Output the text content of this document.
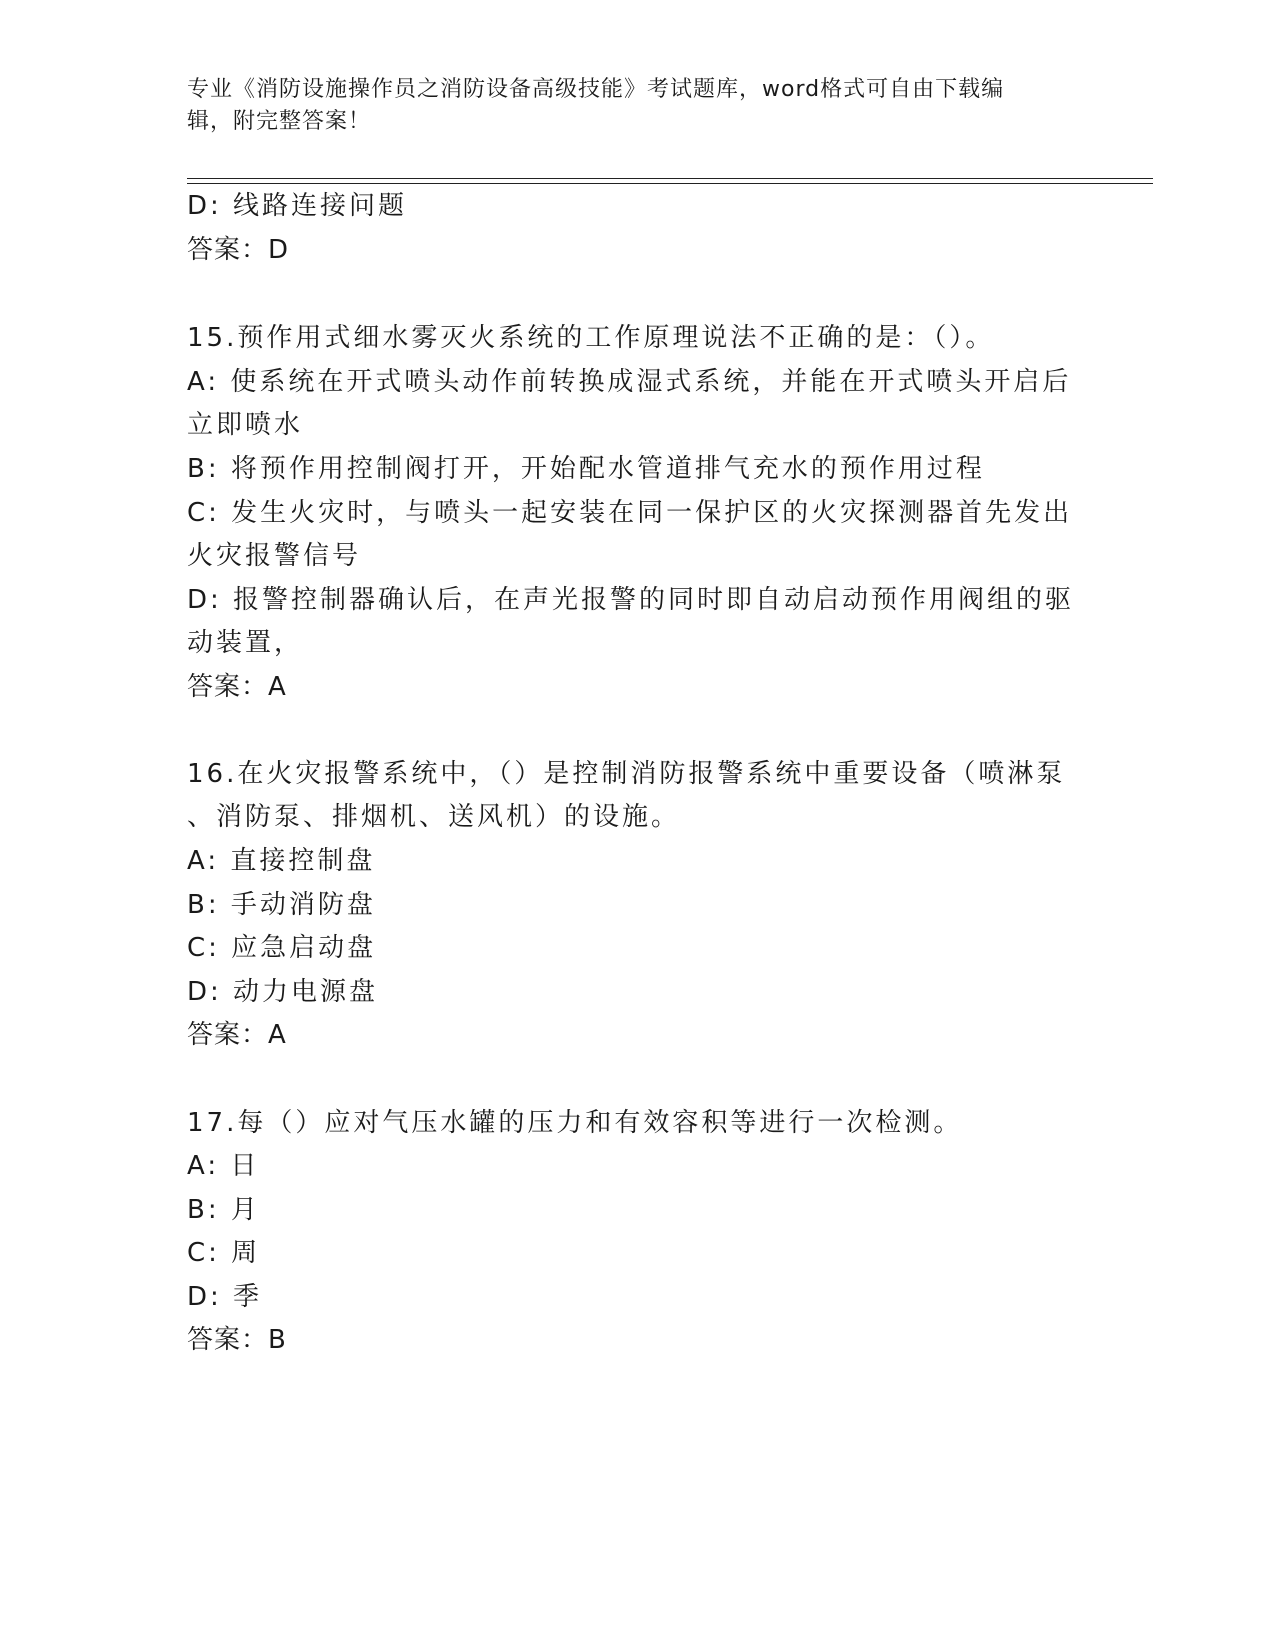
专业《消防设施操作员之消防设备高级技能》考试题库，word格式可自由下载编
辑，附完整答案！
D: 线路连接问题
答案：D
15.预作用式细水雾灭火系统的工作原理说法不正确的是：（）。
A: 使系统在开式喷头动作前转换成湿式系统，并能在开式喷头开启后
立即喷水
B: 将预作用控制阀打开，开始配水管道排气充水的预作用过程
C: 发生火灾时，与喷头一起安装在同一保护区的火灾探测器首先发出
火灾报警信号
D: 报警控制器确认后，在声光报警的同时即自动启动预作用阀组的驱
动装置，
答案：A
16.在火灾报警系统中，（）是控制消防报警系统中重要设备（喷淋泵
、消防泵、排烟机、送风机）的设施。
A: 直接控制盘
B: 手动消防盘
C: 应急启动盘
D: 动力电源盘
答案：A
17.每（）应对气压水罐的压力和有效容积等进行一次检测。
A: 日
B: 月
C: 周
D: 季
答案：B
